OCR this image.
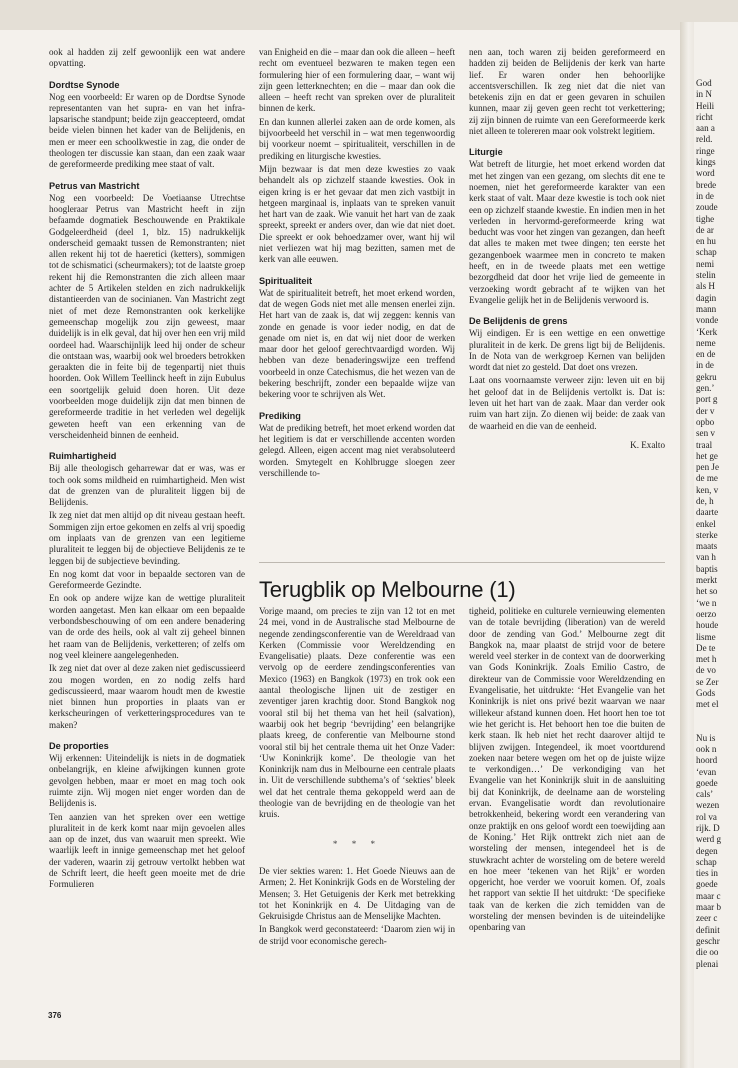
God
in N
Heili
richt
aan a
reld.
ringe
kings
word
brede
in de
zoude
tighe
de ar
en hu
schap
nemi
stelin
als H
dagin
mann
vonde
‘Kerk
neme
en de
in de
gekru
gen.’
port g
der v
opbo
sen v
traal
het ge
pen Je
de me
ken, v
de, h
daarte
enkel
sterke
maats
van h
baptis
merkt
het so
‘we n
oerzo
houde
lisme
De te
met h
de vo
se Zer
Gods
met el
Nu is
ook n
hoord
‘evan
goede
cals’
wezen
rol va
rijk. D
werd g
degen
schap
ties in
goede
maar c
maar b
zeer c
definit
geschr
die oo
plenai

ook al hadden zij zelf gewoonlijk een wat andere opvatting.

Dordtse Synode

Nog een voorbeeld: Er waren op de Dordtse Synode representanten van het supra- en van het infra-lapsarische standpunt; beide zijn geaccepteerd, omdat beide vielen binnen het kader van de Belijdenis, en men er meer een schoolkwestie in zag, die onder de theologen ter discussie kan staan, dan een zaak waar de gereformeerde prediking mee staat of valt.

Petrus van Mastricht

Nog een voorbeeld: De Voetiaanse Utrechtse hoogleraar Petrus van Mastricht heeft in zijn befaamde dogmatiek Beschouwende en Praktikale Godgeleerdheid (deel 1, blz. 15) nadrukkelijk onderscheid gemaakt tussen de Remonstranten; niet allen rekent hij tot de haeretici (ketters), sommigen tot de schismatici (scheurmakers); tot de laatste groep rekent hij die Remonstranten die zich alleen maar achter de 5 Artikelen stelden en zich nadrukkelijk distantieerden van de socinianen. Van Mastricht zegt niet of met deze Remonstranten ook kerkelijke gemeenschap mogelijk zou zijn geweest, maar duidelijk is in elk geval, dat hij over hen een vrij mild oordeel had. Waarschijnlijk leed hij onder de scheur die ontstaan was, waarbij ook wel broeders betrokken geraakten die in feite bij de tegenpartij niet thuis hoorden. Ook Willem Teellinck heeft in zijn Eubulus een soortgelijk geluid doen horen. Uit deze voorbeelden moge duidelijk zijn dat men binnen de gereformeerde traditie in het verleden wel degelijk geweten heeft van een erkenning van de verscheidenheid binnen de eenheid.

Ruimhartigheid

Bij alle theologisch geharrewar dat er was, was er toch ook soms mildheid en ruimhartigheid. Men wist dat de grenzen van de pluraliteit liggen bij de Belijdenis.

Ik zeg niet dat men altijd op dit niveau gestaan heeft. Sommigen zijn ertoe gekomen en zelfs al vrij spoedig om inplaats van de grenzen van een legitieme pluraliteit te leggen bij de objectieve Belijdenis ze te leggen bij de subjectieve bevinding.

En nog komt dat voor in bepaalde sectoren van de Gereformeerde Gezindte.

En ook op andere wijze kan de wettige pluraliteit worden aangetast. Men kan elkaar om een bepaalde verbondsbeschouwing of om een andere benadering van de orde des heils, ook al valt zij geheel binnen het raam van de Belijdenis, verketteren; of zelfs om nog veel kleinere aangelegenheden.

Ik zeg niet dat over al deze zaken niet gediscussieerd zou mogen worden, en zo nodig zelfs hard gediscussieerd, maar waarom houdt men de kwestie niet binnen hun proporties in plaats van er kerkscheuringen of verketteringsprocedures van te maken?

De proporties

Wij erkennen: Uiteindelijk is niets in de dogmatiek onbelangrijk, en kleine afwijkingen kunnen grote gevolgen hebben, maar er moet en mag toch ook ruimte zijn. Wij mogen niet enger worden dan de Belijdenis is.

Ten aanzien van het spreken over een wettige pluraliteit in de kerk komt naar mijn gevoelen alles aan op de inzet, dus van waaruit men spreekt. Wie waarlijk leeft in innige gemeenschap met het geloof der vaderen, waarin zij getrouw vertolkt hebben wat de Schrift leert, die heeft geen moeite met de drie Formulieren

van Enigheid en die – maar dan ook die alleen – heeft recht om eventueel bezwaren te maken tegen een formulering hier of een formulering daar, – want wij zijn geen letterknechten; en die – maar dan ook die alleen – heeft recht van spreken over de pluraliteit binnen de kerk.

En dan kunnen allerlei zaken aan de orde komen, als bijvoorbeeld het verschil in – wat men tegenwoordig bij voorkeur noemt – spiritualiteit, verschillen in de prediking en liturgische kwesties.

Mijn bezwaar is dat men deze kwesties zo vaak behandelt als op zichzelf staande kwesties. Ook in eigen kring is er het gevaar dat men zich vastbijt in hetgeen marginaal is, inplaats van te spreken vanuit het hart van de zaak. Wie vanuit het hart van de zaak spreekt, spreekt er anders over, dan wie dat niet doet. Die spreekt er ook behoedzamer over, want hij wil niet verliezen wat hij mag bezitten, samen met de kerk van alle eeuwen.

Spiritualiteit

Wat de spiritualiteit betreft, het moet erkend worden, dat de wegen Gods niet met alle mensen enerlei zijn. Het hart van de zaak is, dat wij zeggen: kennis van zonde en genade is voor ieder nodig, en dat de genade om niet is, en dat wij niet door de werken maar door het geloof gerechtvaardigd worden. Wij hebben van deze benaderingswijze een treffend voorbeeld in onze Catechismus, die het wezen van de bekering beschrijft, zonder een bepaalde wijze van bekering voor te schrijven als Wet.

Prediking

Wat de prediking betreft, het moet erkend worden dat het legitiem is dat er verschillende accenten worden gelegd. Alleen, eigen accent mag niet verabsoluteerd worden. Smytegelt en Kohlbrugge sloegen zeer verschillende to-

nen aan, toch waren zij beiden gereformeerd en hadden zij beiden de Belijdenis der kerk van harte lief. Er waren onder hen behoorlijke accentsverschillen. Ik zeg niet dat die niet van betekenis zijn en dat er geen gevaren in schuilen kunnen, maar zij geven geen recht tot verkettering; zij zijn binnen de ruimte van een Gereformeerde kerk niet alleen te tolereren maar ook volstrekt legitiem.

Liturgie

Wat betreft de liturgie, het moet erkend worden dat met het zingen van een gezang, om slechts dit ene te noemen, niet het gereformeerde karakter van een kerk staat of valt. Maar deze kwestie is toch ook niet een op zichzelf staande kwestie. En indien men in het verleden in hervormd-gereformeerde kring wat beducht was voor het zingen van gezangen, dan heeft dat alles te maken met twee dingen; ten eerste het gezangenboek waarmee men in concreto te maken heeft, en in de tweede plaats met een wettige bezorgdheid dat door het vrije lied de gemeente in verzoeking wordt gebracht af te wijken van het Evangelie gelijk het in de Belijdenis verwoord is.

De Belijdenis de grens

Wij eindigen. Er is een wettige en een onwettige pluraliteit in de kerk. De grens ligt bij de Belijdenis. In de Nota van de werkgroep Kernen van belijden wordt dat niet zo gesteld. Dat doet ons vrezen.

Laat ons voornaamste verweer zijn: leven uit en bij het geloof dat in de Belijdenis vertolkt is. Dat is: leven uit het hart van de zaak. Maar dan verder ook ruim van hart zijn. Zo dienen wij beide: de zaak van de waarheid en die van de eenheid.

K. Exalto

Terugblik op Melbourne (1)

Vorige maand, om precies te zijn van 12 tot en met 24 mei, vond in de Australische stad Melbourne de negende zendingsconferentie van de Wereldraad van Kerken (Commissie voor Wereldzending en Evangelisatie) plaats. Deze conferentie was een vervolg op de eerdere zendingsconferenties van Mexico (1963) en Bangkok (1973) en trok ook een aantal theologische lijnen uit de zestiger en zeventiger jaren krachtig door. Stond Bangkok nog vooral stil bij het thema van het heil (salvation), waarbij ook het begrip ‘bevrijding’ een belangrijke plaats kreeg, de conferentie van Melbourne stond vooral stil bij het centrale thema uit het Onze Vader: ‘Uw Koninkrijk kome’. De theologie van het Koninkrijk nam dus in Melbourne een centrale plaats in. Uit de verschillende subthema’s of ‘sekties’ bleek wel dat het centrale thema gekoppeld werd aan de theologie van de bevrijding en de theologie van het kruis.

* * *

De vier sekties waren: 1. Het Goede Nieuws aan de Armen; 2. Het Koninkrijk Gods en de Worsteling der Mensen; 3. Het Getuigenis der Kerk met betrekking tot het Koninkrijk en 4. De Uitdaging van de Gekruisigde Christus aan de Menselijke Machten.

In Bangkok werd geconstateerd: ‘Daarom zien wij in de strijd voor economische gerech-

tigheid, politieke en culturele vernieuwing elementen van de totale bevrijding (liberation) van de wereld door de zending van God.’ Melbourne zegt dit Bangkok na, maar plaatst de strijd voor de betere wereld veel sterker in de context van de doorwerking van Gods Koninkrijk. Zoals Emilio Castro, de direkteur van de Commissie voor Wereldzending en Evangelisatie, het uitdrukte: ‘Het Evangelie van het Koninkrijk is niet ons privé bezit waarvan we naar willekeur afstand kunnen doen. Het hoort hen toe tot wie het gericht is. Het behoort hen toe die buiten de kerk staan. Ik heb niet het recht daarover altijd te blijven zwijgen. Integendeel, ik moet voortdurend zoeken naar betere wegen om het op de juiste wijze te verkondigen…’ De verkondiging van het Evangelie van het Koninkrijk sluit in de aansluiting bij dat Koninkrijk, de deelname aan de worsteling ervan. Evangelisatie wordt dan revolutionaire betrokkenheid, bekering wordt een verandering van onze praktijk en ons geloof wordt een toewijding aan de Koning.’ Het Rijk onttrekt zich niet aan de worsteling der mensen, integendeel het is de stuwkracht achter de worsteling om de betere wereld en hoe meer ‘tekenen van het Rijk’ er worden opgericht, hoe verder we vooruit komen. Of, zoals het rapport van sektie II het uitdrukt: ‘De specifieke taak van de kerken die zich temidden van de worsteling der mensen bevinden is de uiteindelijke openbaring van

376
